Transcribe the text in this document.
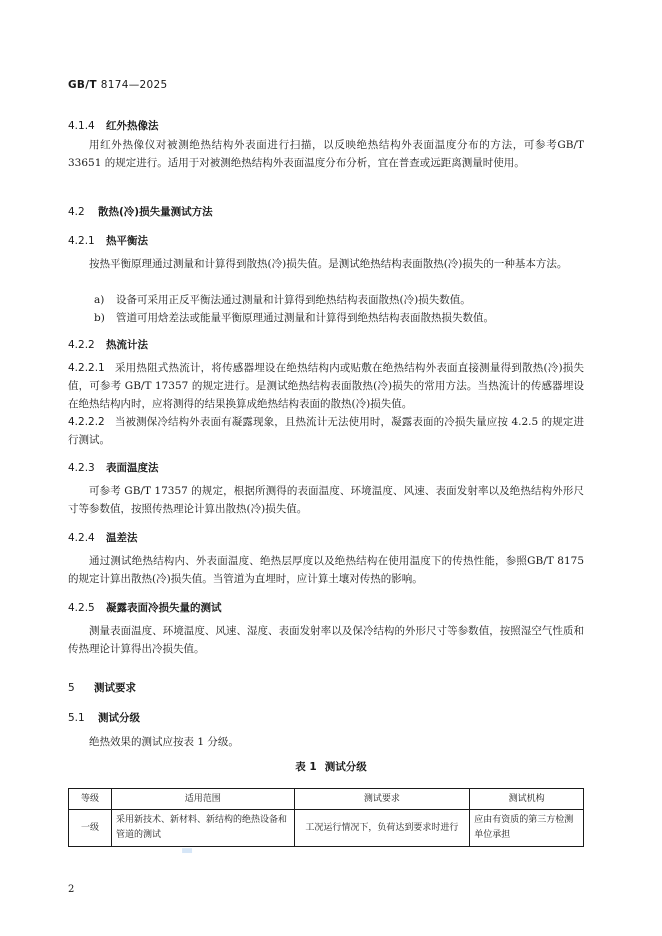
GB/T 8174—2025
4.1.4 红外热像法
用红外热像仪对被测绝热结构外表面进行扫描，以反映绝热结构外表面温度分布的方法，可参考GB/T 33651 的规定进行。适用于对被测绝热结构外表面温度分布分析，宜在普查或远距离测量时使用。
4.2 散热(冷)损失量测试方法
4.2.1 热平衡法
按热平衡原理通过测量和计算得到散热(冷)损失值。是测试绝热结构表面散热(冷)损失的一种基本方法。
a) 设备可采用正反平衡法通过测量和计算得到绝热结构表面散热(冷)损失数值。
b) 管道可用焓差法或能量平衡原理通过测量和计算得到绝热结构表面散热损失数值。
4.2.2 热流计法
4.2.2.1 采用热阻式热流计，将传感器埋设在绝热结构内或贴敷在绝热结构外表面直接测量得到散热(冷)损失值，可参考 GB/T 17357 的规定进行。是测试绝热结构表面散热(冷)损失的常用方法。当热流计的传感器埋设在绝热结构内时，应将测得的结果换算成绝热结构表面的散热(冷)损失值。
4.2.2.2 当被测保冷结构外表面有凝露现象，且热流计无法使用时，凝露表面的冷损失量应按 4.2.5 的规定进行测试。
4.2.3 表面温度法
可参考 GB/T 17357 的规定，根据所测得的表面温度、环境温度、风速、表面发射率以及绝热结构外形尺寸等参数值，按照传热理论计算出散热(冷)损失值。
4.2.4 温差法
通过测试绝热结构内、外表面温度、绝热层厚度以及绝热结构在使用温度下的传热性能，参照GB/T 8175 的规定计算出散热(冷)损失值。当管道为直埋时，应计算土壤对传热的影响。
4.2.5 凝露表面冷损失量的测试
测量表面温度、环境温度、风速、湿度、表面发射率以及保冷结构的外形尺寸等参数值，按照湿空气性质和传热理论计算得出冷损失值。
5 测试要求
5.1 测试分级
绝热效果的测试应按表 1 分级。
表 1 测试分级
等级	适用范围	测试要求	测试机构
一级	采用新技术、新材料、新结构的绝热设备和管道的测试	工况运行情况下，负荷达到要求时进行	应由有资质的第三方检测单位承担
▬
2
